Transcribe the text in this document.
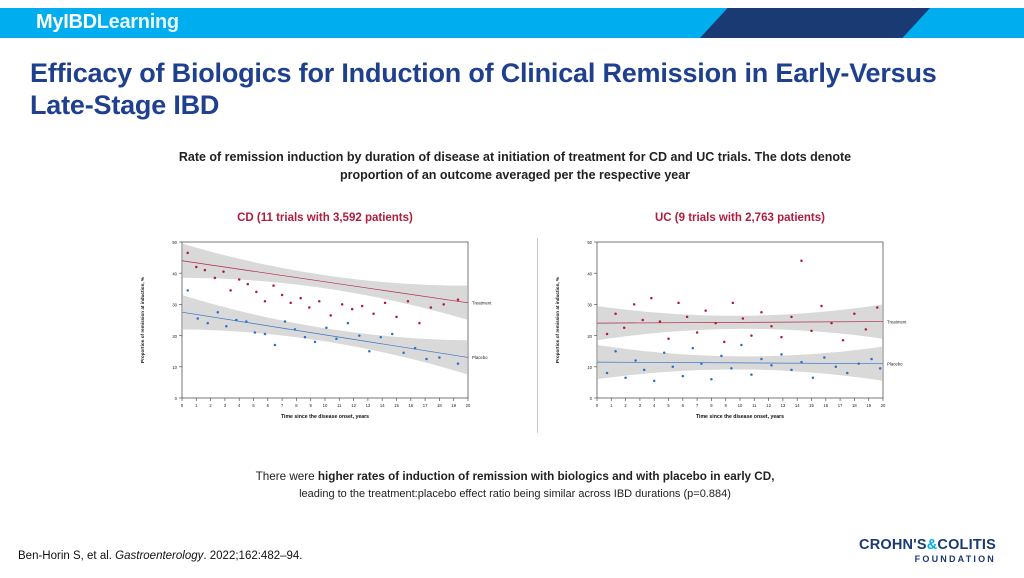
MyIBDLearning
Efficacy of Biologics for Induction of Clinical Remission in Early-Versus Late-Stage IBD
Rate of remission induction by duration of disease at initiation of treatment for CD and UC trials. The dots denote proportion of an outcome averaged per the respective year
CD (11 trials with 3,592 patients)
0
10
20
30
40
50
0	1	2	3	4	5	6	7	8	9	10 11 12 13 14 15 16 17 18 19 20
Time since the disease onset, years
Proportion of remission at induction, %	Treatment
Placebo
UC (9 trials with 2,763 patients)
0
10
20
30
40
50
0	1	2	3	4	5	6	7	8	9	10 11 12 13 14 15 16 17 18 19 20
Time since the disease onset, years
Proportion of remission at induction, %	Treatment
Placebo
There were higher rates of induction of remission with biologics and with placebo in early CD,
leading to the treatment:placebo effect ratio being similar across IBD durations (p=0.884)
Ben-Horin S, et al. Gastroenterology. 2022;162:482–94.
CROHN'S&COLITIS
FOUNDATION
